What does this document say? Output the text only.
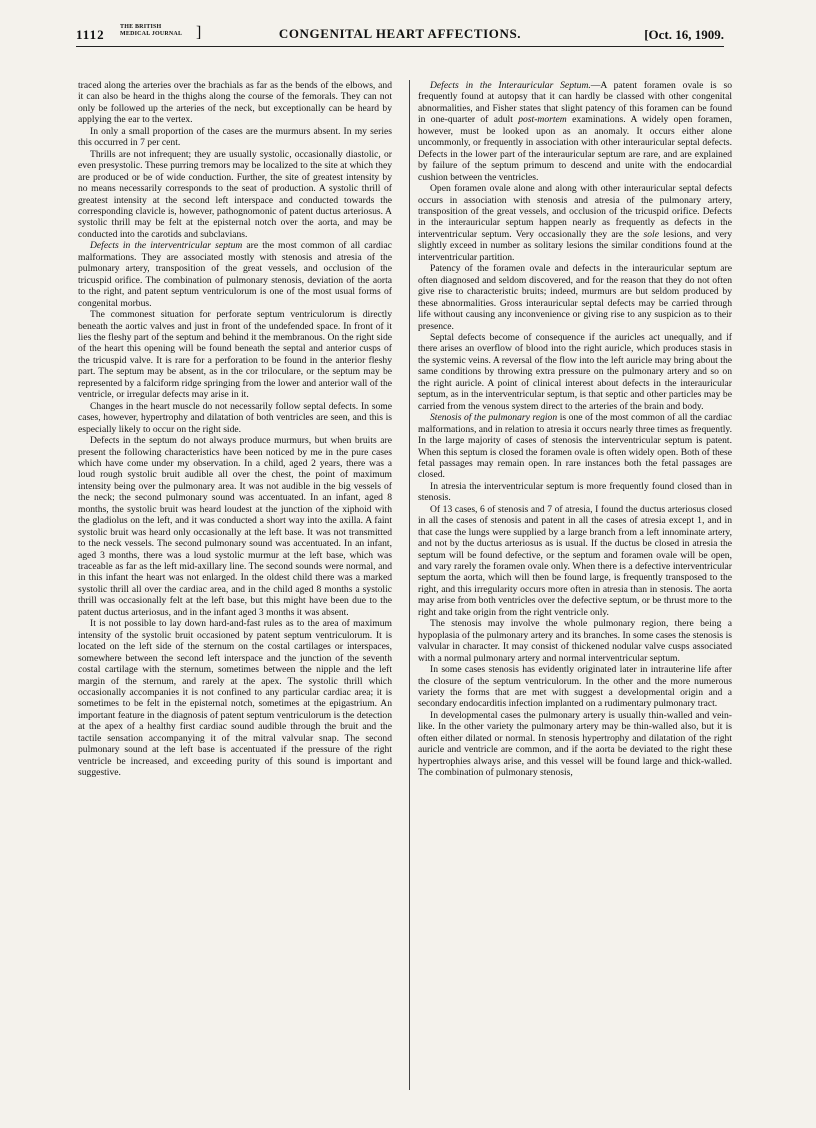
1112	THE BRITISH
MEDICAL JOURNAL ]	CONGENITAL HEART AFFECTIONS.	[Oct. 16, 1909.

traced along the arteries over the brachials as far as the bends of the elbows, and it can also be heard in the thighs along the course of the femorals. They can not only be followed up the arteries of the neck, but exceptionally can be heard by applying the ear to the vertex.

In only a small proportion of the cases are the murmurs absent. In my series this occurred in 7 per cent.

Thrills are not infrequent; they are usually systolic, occasionally diastolic, or even presystolic. These purring tremors may be localized to the site at which they are produced or be of wide conduction. Further, the site of greatest intensity by no means necessarily corresponds to the seat of production. A systolic thrill of greatest intensity at the second left interspace and conducted towards the corresponding clavicle is, however, pathognomonic of patent ductus arteriosus. A systolic thrill may be felt at the episternal notch over the aorta, and may be conducted into the carotids and subclavians.

Defects in the interventricular septum are the most common of all cardiac malformations. They are associated mostly with stenosis and atresia of the pulmonary artery, transposition of the great vessels, and occlusion of the tricuspid orifice. The combination of pulmonary stenosis, deviation of the aorta to the right, and patent septum ventriculorum is one of the most usual forms of congenital morbus.

The commonest situation for perforate septum ventriculorum is directly beneath the aortic valves and just in front of the undefended space. In front of it lies the fleshy part of the septum and behind it the membranous. On the right side of the heart this opening will be found beneath the septal and anterior cusps of the tricuspid valve. It is rare for a perforation to be found in the anterior fleshy part. The septum may be absent, as in the cor triloculare, or the septum may be represented by a falciform ridge springing from the lower and anterior wall of the ventricle, or irregular defects may arise in it.

Changes in the heart muscle do not necessarily follow septal defects. In some cases, however, hypertrophy and dilatation of both ventricles are seen, and this is especially likely to occur on the right side.

Defects in the septum do not always produce murmurs, but when bruits are present the following characteristics have been noticed by me in the pure cases which have come under my observation. In a child, aged 2 years, there was a loud rough systolic bruit audible all over the chest, the point of maximum intensity being over the pulmonary area. It was not audible in the big vessels of the neck; the second pulmonary sound was accentuated. In an infant, aged 8 months, the systolic bruit was heard loudest at the junction of the xiphoid with the gladiolus on the left, and it was conducted a short way into the axilla. A faint systolic bruit was heard only occasionally at the left base. It was not transmitted to the neck vessels. The second pulmonary sound was accentuated. In an infant, aged 3 months, there was a loud systolic murmur at the left base, which was traceable as far as the left mid-axillary line. The second sounds were normal, and in this infant the heart was not enlarged. In the oldest child there was a marked systolic thrill all over the cardiac area, and in the child aged 8 months a systolic thrill was occasionally felt at the left base, but this might have been due to the patent ductus arteriosus, and in the infant aged 3 months it was absent.

It is not possible to lay down hard-and-fast rules as to the area of maximum intensity of the systolic bruit occasioned by patent septum ventriculorum. It is located on the left side of the sternum on the costal cartilages or interspaces, somewhere between the second left interspace and the junction of the seventh costal cartilage with the sternum, sometimes between the nipple and the left margin of the sternum, and rarely at the apex. The systolic thrill which occasionally accompanies it is not confined to any particular cardiac area; it is sometimes to be felt in the episternal notch, sometimes at the epigastrium. An important feature in the diagnosis of patent septum ventriculorum is the detection at the apex of a healthy first cardiac sound audible through the bruit and the tactile sensation accompanying it of the mitral valvular snap. The second pulmonary sound at the left base is accentuated if the pressure of the right ventricle be increased, and exceeding purity of this sound is important and suggestive.

Defects in the Interauricular Septum.—A patent foramen ovale is so frequently found at autopsy that it can hardly be classed with other congenital abnormalities, and Fisher states that slight patency of this foramen can be found in one-quarter of adult post-mortem examinations. A widely open foramen, however, must be looked upon as an anomaly. It occurs either alone uncommonly, or frequently in association with other interauricular septal defects. Defects in the lower part of the interauricular septum are rare, and are explained by failure of the septum primum to descend and unite with the endocardial cushion between the ventricles.

Open foramen ovale alone and along with other interauricular septal defects occurs in association with stenosis and atresia of the pulmonary artery, transposition of the great vessels, and occlusion of the tricuspid orifice. Defects in the interauricular septum happen nearly as frequently as defects in the interventricular septum. Very occasionally they are the sole lesions, and very slightly exceed in number as solitary lesions the similar conditions found at the interventricular partition.

Patency of the foramen ovale and defects in the interauricular septum are often diagnosed and seldom discovered, and for the reason that they do not often give rise to characteristic bruits; indeed, murmurs are but seldom produced by these abnormalities. Gross interauricular septal defects may be carried through life without causing any inconvenience or giving rise to any suspicion as to their presence.

Septal defects become of consequence if the auricles act unequally, and if there arises an overflow of blood into the right auricle, which produces stasis in the systemic veins. A reversal of the flow into the left auricle may bring about the same conditions by throwing extra pressure on the pulmonary artery and so on the right auricle. A point of clinical interest about defects in the interauricular septum, as in the interventricular septum, is that septic and other particles may be carried from the venous system direct to the arteries of the brain and body.

Stenosis of the pulmonary region is one of the most common of all the cardiac malformations, and in relation to atresia it occurs nearly three times as frequently. In the large majority of cases of stenosis the interventricular septum is patent. When this septum is closed the foramen ovale is often widely open. Both of these fetal passages may remain open. In rare instances both the fetal passages are closed.

In atresia the interventricular septum is more frequently found closed than in stenosis.

Of 13 cases, 6 of stenosis and 7 of atresia, I found the ductus arteriosus closed in all the cases of stenosis and patent in all the cases of atresia except 1, and in that case the lungs were supplied by a large branch from a left innominate artery, and not by the ductus arteriosus as is usual. If the ductus be closed in atresia the septum will be found defective, or the septum and foramen ovale will be open, and vary rarely the foramen ovale only. When there is a defective interventricular septum the aorta, which will then be found large, is frequently transposed to the right, and this irregularity occurs more often in atresia than in stenosis. The aorta may arise from both ventricles over the defective septum, or be thrust more to the right and take origin from the right ventricle only.

The stenosis may involve the whole pulmonary region, there being a hypoplasia of the pulmonary artery and its branches. In some cases the stenosis is valvular in character. It may consist of thickened nodular valve cusps associated with a normal pulmonary artery and normal interventricular septum.

In some cases stenosis has evidently originated later in intrauterine life after the closure of the septum ventriculorum. In the other and the more numerous variety the forms that are met with suggest a developmental origin and a secondary endocarditis infection implanted on a rudimentary pulmonary tract.

In developmental cases the pulmonary artery is usually thin-walled and vein-like. In the other variety the pulmonary artery may be thin-walled also, but it is often either dilated or normal. In stenosis hypertrophy and dilatation of the right auricle and ventricle are common, and if the aorta be deviated to the right these hypertrophies always arise, and this vessel will be found large and thick-walled. The combination of pulmonary stenosis,
